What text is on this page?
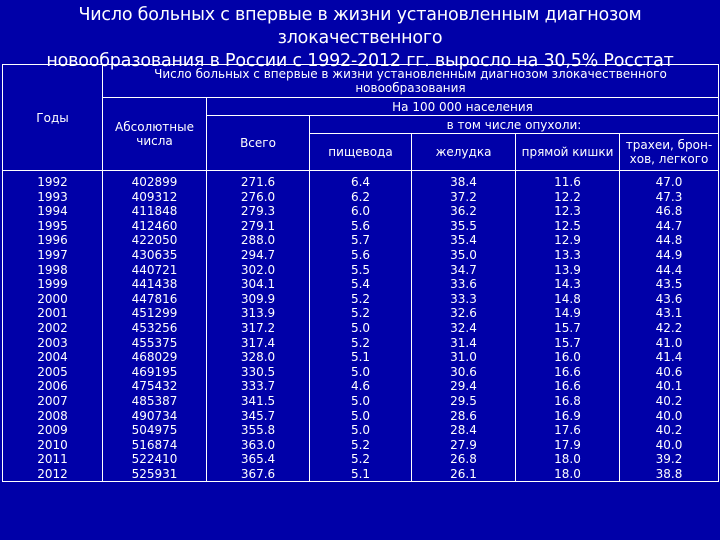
Число больных с впервые в жизни установленным диагнозом злокачественного
новообразования в России с 1992-2012 гг. выросло на 30,5% Росстат
Годы	Число больных с впервые в жизни установленным диагнозом злокачественного новообразования					
	Абсолютные числа	На 100 000 населения				
		Всего	в том числе опухоли:			
			пищевода	желудка	прямой кишки	трахеи, брон-хов, легкого
1992	402899	271.6	6.4	38.4	11.6	47.0
1993	409312	276.0	6.2	37.2	12.2	47.3
1994	411848	279.3	6.0	36.2	12.3	46.8
1995	412460	279.1	5.6	35.5	12.5	44.7
1996	422050	288.0	5.7	35.4	12.9	44.8
1997	430635	294.7	5.6	35.0	13.3	44.9
1998	440721	302.0	5.5	34.7	13.9	44.4
1999	441438	304.1	5.4	33.6	14.3	43.5
2000	447816	309.9	5.2	33.3	14.8	43.6
2001	451299	313.9	5.2	32.6	14.9	43.1
2002	453256	317.2	5.0	32.4	15.7	42.2
2003	455375	317.4	5.2	31.4	15.7	41.0
2004	468029	328.0	5.1	31.0	16.0	41.4
2005	469195	330.5	5.0	30.6	16.6	40.6
2006	475432	333.7	4.6	29.4	16.6	40.1
2007	485387	341.5	5.0	29.5	16.8	40.2
2008	490734	345.7	5.0	28.6	16.9	40.0
2009	504975	355.8	5.0	28.4	17.6	40.2
2010	516874	363.0	5.2	27.9	17.9	40.0
2011	522410	365.4	5.2	26.8	18.0	39.2
2012	525931	367.6	5.1	26.1	18.0	38.8
